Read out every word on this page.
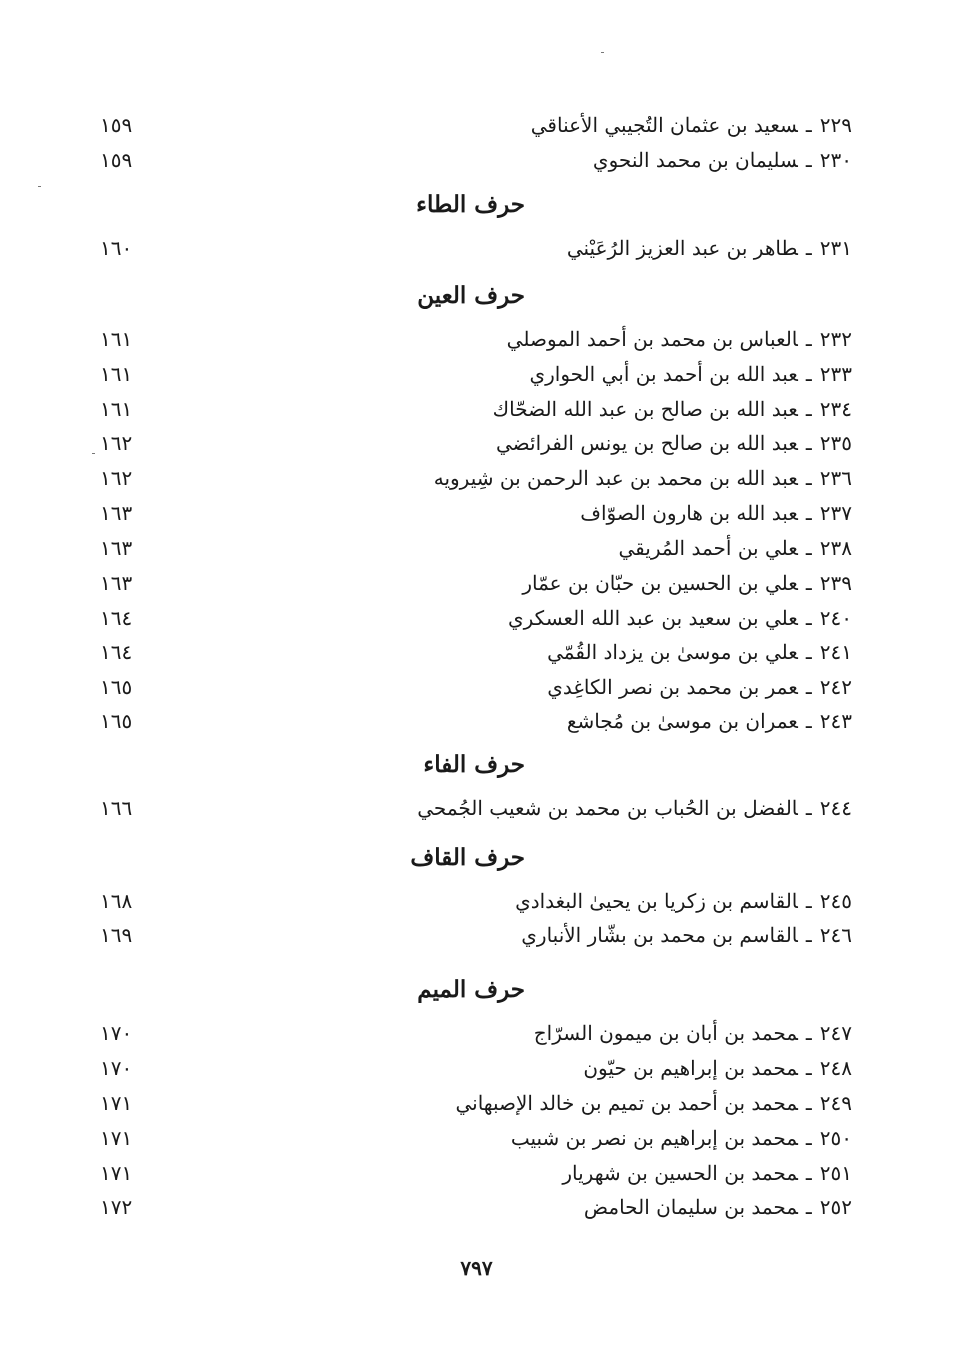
٢٢٩ـسعيد بن عثمان التُجيبي الأعناقي
١٥٩
٢٣٠ـسليمان بن محمد النحوي
١٥٩
حرف الطاء
٢٣١ـطاهر بن عبد العزيز الرُعَيْني
١٦٠
حرف العين
٢٣٢ـالعباس بن محمد بن أحمد الموصلي
١٦١
٢٣٣ـعبد الله بن أحمد بن أبي الحواري
١٦١
٢٣٤ـعبد الله بن صالح بن عبد الله الضحّاك
١٦١
٢٣٥ـعبد الله بن صالح بن يونس الفرائضي
١٦٢
٢٣٦ـعبد الله بن محمد بن عبد الرحمن بن شِيرويه
١٦٢
٢٣٧ـعبد الله بن هارون الصوّاف
١٦٣
٢٣٨ـعلي بن أحمد المُريقي
١٦٣
٢٣٩ـعلي بن الحسين بن حبّان بن عمّار
١٦٣
٢٤٠ـعلي بن سعيد بن عبد الله العسكري
١٦٤
٢٤١ـعلي بن موسىٰ بن يزداد القُمّي
١٦٤
٢٤٢ـعمر بن محمد بن نصر الكاغِدي
١٦٥
٢٤٣ـعمران بن موسىٰ بن مُجاشع
١٦٥
حرف الفاء
٢٤٤ـالفضل بن الحُباب بن محمد بن شعيب الجُمحي
١٦٦
حرف القاف
٢٤٥ـالقاسم بن زكريا بن يحيىٰ البغدادي
١٦٨
٢٤٦ـالقاسم بن محمد بن بشّار الأنباري
١٦٩
حرف الميم
٢٤٧ـمحمد بن أبان بن ميمون السرّاج
١٧٠
٢٤٨ـمحمد بن إبراهيم بن حيّون
١٧٠
٢٤٩ـمحمد بن أحمد بن تميم بن خالد الإصبهاني
١٧١
٢٥٠ـمحمد بن إبراهيم بن نصر بن شبيب
١٧١
٢٥١ـمحمد بن الحسين بن شهريار
١٧١
٢٥٢ـمحمد بن سليمان الحامض
١٧٢
٧٩٧
